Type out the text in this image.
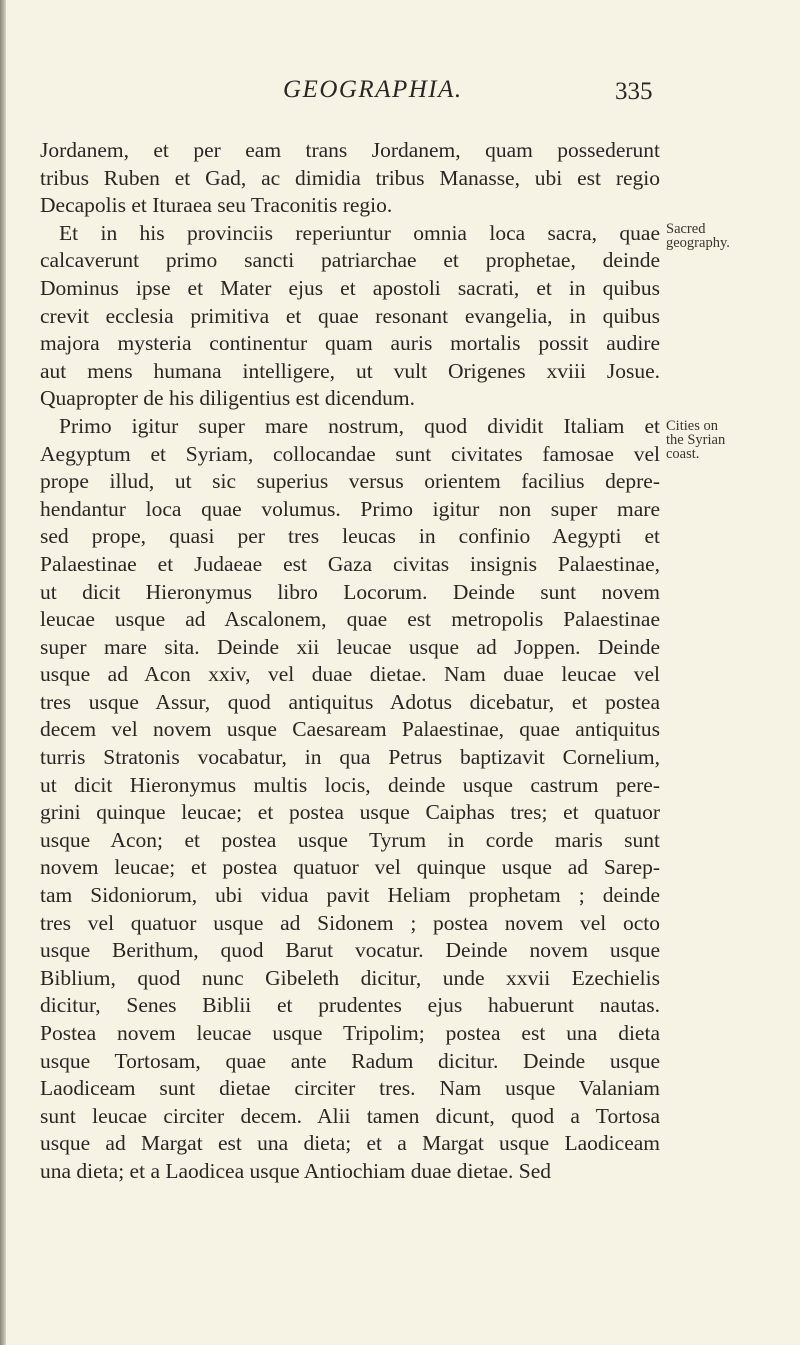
GEOGRAPHIA.	335
Jordanem, et per eam trans Jordanem, quam possederunt
tribus Ruben et Gad, ac dimidia tribus Manasse, ubi est regio
Decapolis et Ituraea seu Traconitis regio.
Et in his provinciis reperiuntur omnia loca sacra, quae
calcaverunt primo sancti patriarchae et prophetae, deinde
Dominus ipse et Mater ejus et apostoli sacrati, et in quibus
crevit ecclesia primitiva et quae resonant evangelia, in quibus
majora mysteria continentur quam auris mortalis possit audire
aut mens humana intelligere, ut vult Origenes xviii Josue.
Quapropter de his diligentius est dicendum.
Primo igitur super mare nostrum, quod dividit Italiam et
Aegyptum et Syriam, collocandae sunt civitates famosae vel
prope illud, ut sic superius versus orientem facilius depre-
hendantur loca quae volumus. Primo igitur non super mare
sed prope, quasi per tres leucas in confinio Aegypti et
Palaestinae et Judaeae est Gaza civitas insignis Palaestinae,
ut dicit Hieronymus libro Locorum. Deinde sunt novem
leucae usque ad Ascalonem, quae est metropolis Palaestinae
super mare sita. Deinde xii leucae usque ad Joppen. Deinde
usque ad Acon xxiv, vel duae dietae. Nam duae leucae vel
tres usque Assur, quod antiquitus Adotus dicebatur, et postea
decem vel novem usque Caesaream Palaestinae, quae antiquitus
turris Stratonis vocabatur, in qua Petrus baptizavit Cornelium,
ut dicit Hieronymus multis locis, deinde usque castrum pere-
grini quinque leucae; et postea usque Caiphas tres; et quatuor
usque Acon; et postea usque Tyrum in corde maris sunt
novem leucae; et postea quatuor vel quinque usque ad Sarep-
tam Sidoniorum, ubi vidua pavit Heliam prophetam ; deinde
tres vel quatuor usque ad Sidonem ; postea novem vel octo
usque Berithum, quod Barut vocatur. Deinde novem usque
Biblium, quod nunc Gibeleth dicitur, unde xxvii Ezechielis
dicitur, Senes Biblii et prudentes ejus habuerunt nautas.
Postea novem leucae usque Tripolim; postea est una dieta
usque Tortosam, quae ante Radum dicitur. Deinde usque
Laodiceam sunt dietae circiter tres. Nam usque Valaniam
sunt leucae circiter decem. Alii tamen dicunt, quod a Tortosa
usque ad Margat est una dieta; et a Margat usque Laodiceam
una dieta; et a Laodicea usque Antiochiam duae dietae. Sed
Sacred
geography.
Cities on
the Syrian
coast.
